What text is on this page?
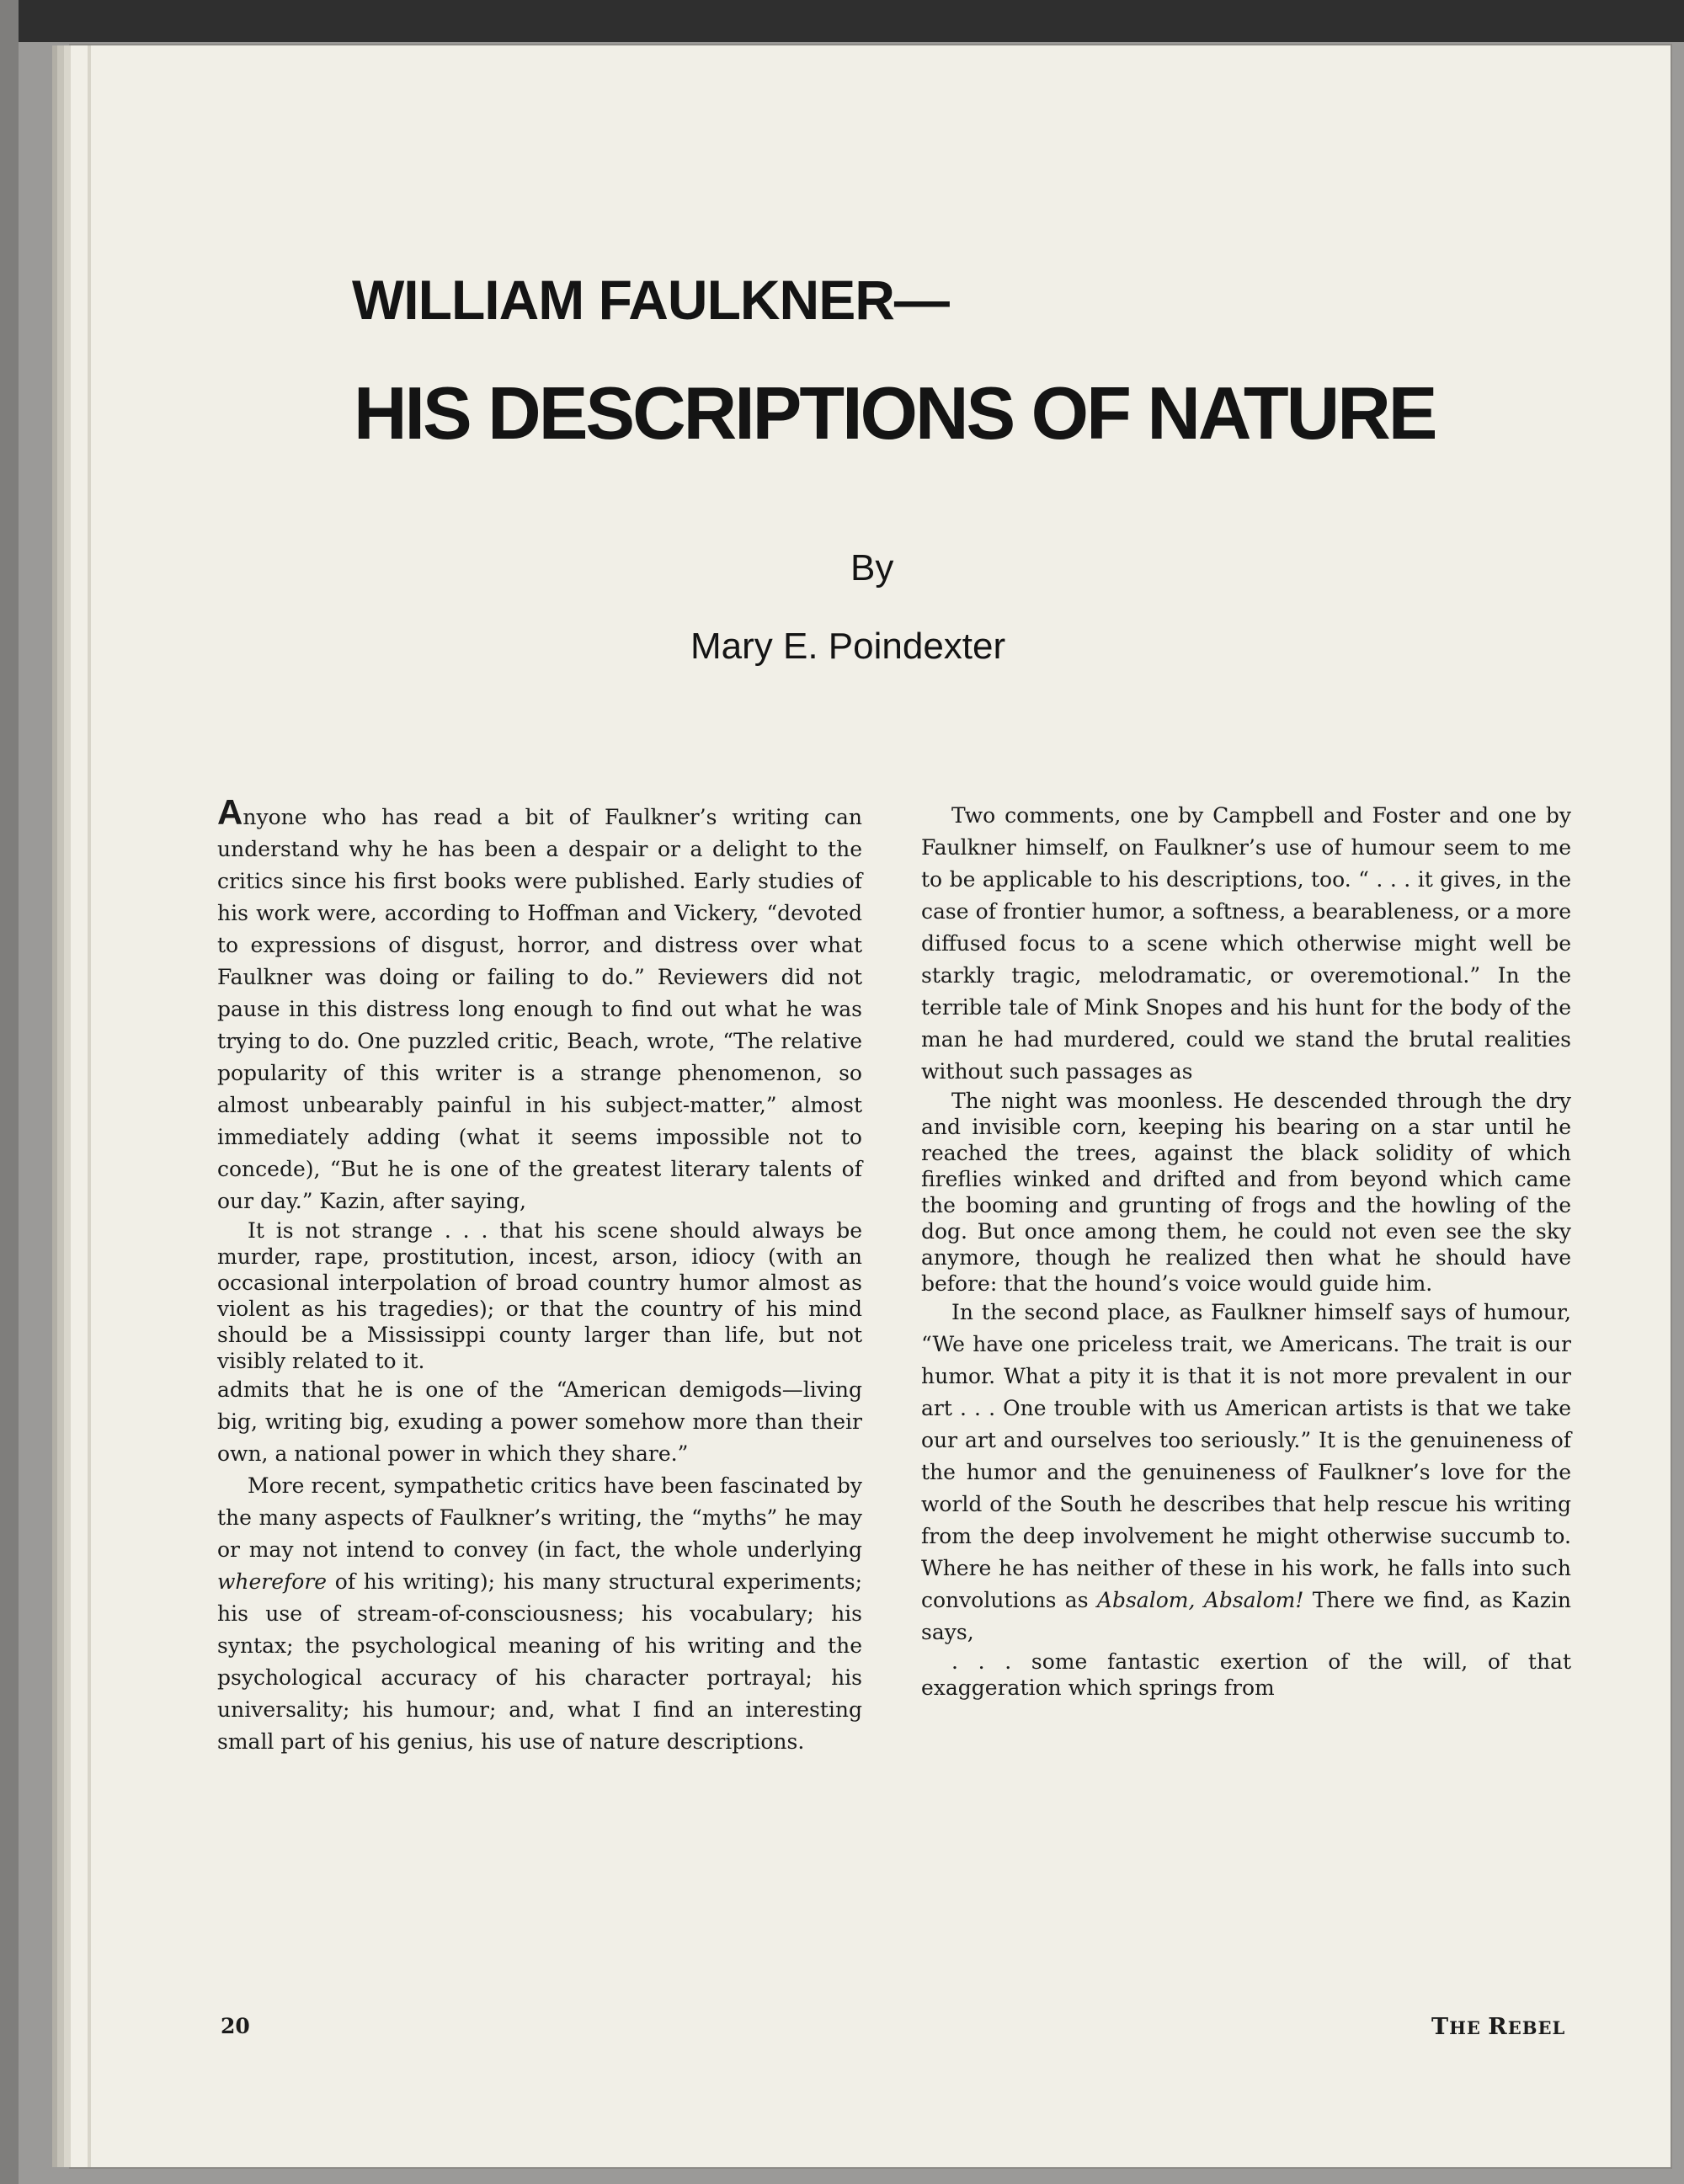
WILLIAM FAULKNER—
HIS DESCRIPTIONS OF NATURE
By
Mary E. Poindexter

Anyone who has read a bit of Faulkner’s writing can understand why he has been a despair or a delight to the critics since his first books were published. Early studies of his work were, according to Hoffman and Vickery, “devoted to expressions of disgust, horror, and distress over what Faulkner was doing or failing to do.” Reviewers did not pause in this distress long enough to find out what he was trying to do. One puzzled critic, Beach, wrote, “The relative popularity of this writer is a strange phenomenon, so almost unbearably painful in his subject-matter,” almost immediately adding (what it seems impossible not to concede), “But he is one of the greatest literary talents of our day.” Kazin, after saying,

It is not strange . . . that his scene should always be murder, rape, prostitution, incest, arson, idiocy (with an occasional interpolation of broad country humor almost as violent as his tragedies); or that the country of his mind should be a Mississippi county larger than life, but not visibly related to it.

admits that he is one of the “American demigods—living big, writing big, exuding a power somehow more than their own, a national power in which they share.”

More recent, sympathetic critics have been fascinated by the many aspects of Faulkner’s writing, the “myths” he may or may not intend to convey (in fact, the whole underlying wherefore of his writing); his many structural experiments; his use of stream-of-consciousness; his vocabulary; his syntax; the psychological meaning of his writing and the psychological accuracy of his character portrayal; his universality; his humour; and, what I find an interesting small part of his genius, his use of nature descriptions.

Two comments, one by Campbell and Foster and one by Faulkner himself, on Faulkner’s use of humour seem to me to be applicable to his descriptions, too. “ . . . it gives, in the case of frontier humor, a softness, a bearableness, or a more diffused focus to a scene which otherwise might well be starkly tragic, melodramatic, or overemotional.” In the terrible tale of Mink Snopes and his hunt for the body of the man he had murdered, could we stand the brutal realities without such passages as

The night was moonless. He descended through the dry and invisible corn, keeping his bearing on a star until he reached the trees, against the black solidity of which fireflies winked and drifted and from beyond which came the booming and grunting of frogs and the howling of the dog. But once among them, he could not even see the sky anymore, though he realized then what he should have before: that the hound’s voice would guide him.

In the second place, as Faulkner himself says of humour, “We have one priceless trait, we Americans. The trait is our humor. What a pity it is that it is not more prevalent in our art . . . One trouble with us American artists is that we take our art and ourselves too seriously.” It is the genuineness of the humor and the genuineness of Faulkner’s love for the world of the South he describes that help rescue his writing from the deep involvement he might otherwise succumb to. Where he has neither of these in his work, he falls into such convolutions as Absalom, Absalom! There we find, as Kazin says,

. . . some fantastic exertion of the will, of that exaggeration which springs from

20	THE REBEL
